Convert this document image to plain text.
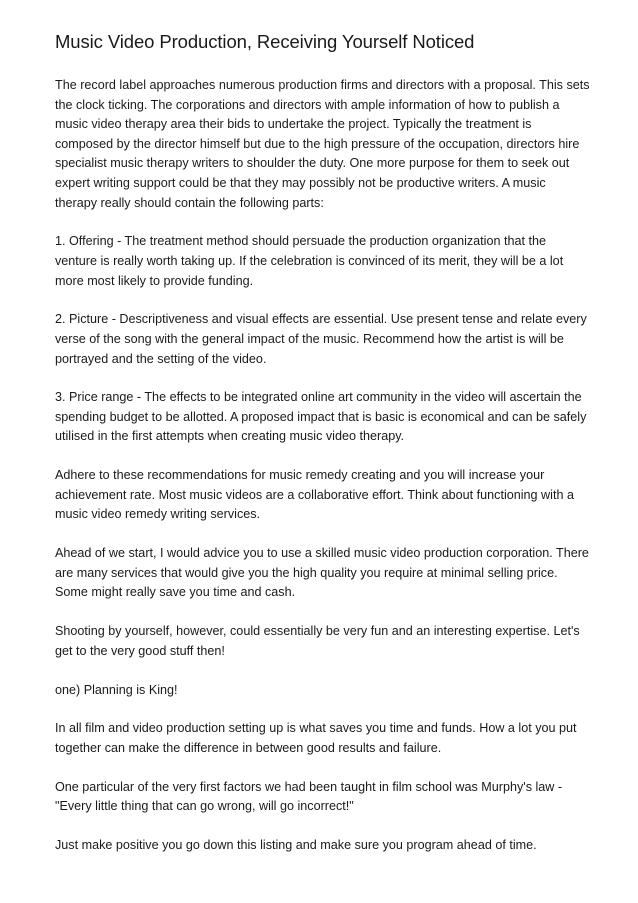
Music Video Production, Receiving Yourself Noticed

The record label approaches numerous production firms and directors with a proposal. This sets the clock ticking. The corporations and directors with ample information of how to publish a music video therapy area their bids to undertake the project. Typically the treatment is composed by the director himself but due to the high pressure of the occupation, directors hire specialist music therapy writers to shoulder the duty. One more purpose for them to seek out expert writing support could be that they may possibly not be productive writers. A music therapy really should contain the following parts:

1. Offering - The treatment method should persuade the production organization that the venture is really worth taking up. If the celebration is convinced of its merit, they will be a lot more most likely to provide funding.

2. Picture - Descriptiveness and visual effects are essential. Use present tense and relate every verse of the song with the general impact of the music. Recommend how the artist is will be portrayed and the setting of the video.

3. Price range - The effects to be integrated online art community in the video will ascertain the spending budget to be allotted. A proposed impact that is basic is economical and can be safely utilised in the first attempts when creating music video therapy.

Adhere to these recommendations for music remedy creating and you will increase your achievement rate. Most music videos are a collaborative effort. Think about functioning with a music video remedy writing services.

Ahead of we start, I would advice you to use a skilled music video production corporation. There are many services that would give you the high quality you require at minimal selling price. Some might really save you time and cash.

Shooting by yourself, however, could essentially be very fun and an interesting expertise. Let's get to the very good stuff then!

one) Planning is King!

In all film and video production setting up is what saves you time and funds. How a lot you put together can make the difference in between good results and failure.

One particular of the very first factors we had been taught in film school was Murphy's law - "Every little thing that can go wrong, will go incorrect!"

Just make positive you go down this listing and make sure you program ahead of time.
